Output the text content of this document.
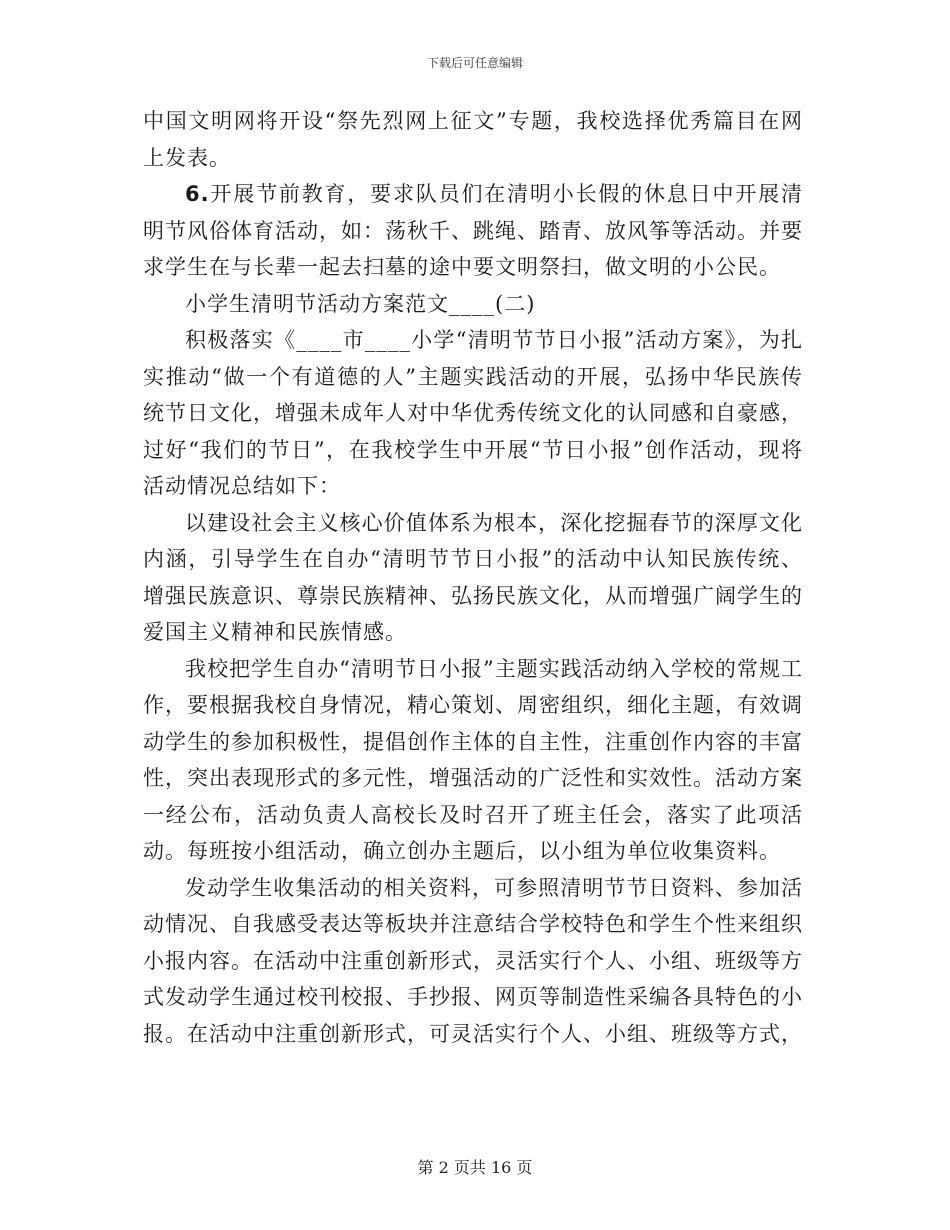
下载后可任意编辑

中国文明网将开设“祭先烈网上征文”专题，我校选择优秀篇目在网上发表。

6.开展节前教育，要求队员们在清明小长假的休息日中开展清明节风俗体育活动，如：荡秋千、跳绳、踏青、放风筝等活动。并要求学生在与长辈一起去扫墓的途中要文明祭扫，做文明的小公民。

小学生清明节活动方案范文____(二)

积极落实《____市____小学“清明节节日小报”活动方案》，为扎实推动“做一个有道德的人”主题实践活动的开展，弘扬中华民族传统节日文化，增强未成年人对中华优秀传统文化的认同感和自豪感，过好“我们的节日”，在我校学生中开展“节日小报”创作活动，现将活动情况总结如下：

以建设社会主义核心价值体系为根本，深化挖掘春节的深厚文化内涵，引导学生在自办“清明节节日小报”的活动中认知民族传统、增强民族意识、尊崇民族精神、弘扬民族文化，从而增强广阔学生的爱国主义精神和民族情感。

我校把学生自办“清明节日小报”主题实践活动纳入学校的常规工作，要根据我校自身情况，精心策划、周密组织，细化主题，有效调动学生的参加积极性，提倡创作主体的自主性，注重创作内容的丰富性，突出表现形式的多元性，增强活动的广泛性和实效性。活动方案一经公布，活动负责人高校长及时召开了班主任会，落实了此项活动。每班按小组活动，确立创办主题后，以小组为单位收集资料。

发动学生收集活动的相关资料，可参照清明节节日资料、参加活动情况、自我感受表达等板块并注意结合学校特色和学生个性来组织小报内容。在活动中注重创新形式，灵活实行个人、小组、班级等方式发动学生通过校刊校报、手抄报、网页等制造性采编各具特色的小报。在活动中注重创新形式，可灵活实行个人、小组、班级等方式，

第 2 页共 16 页
